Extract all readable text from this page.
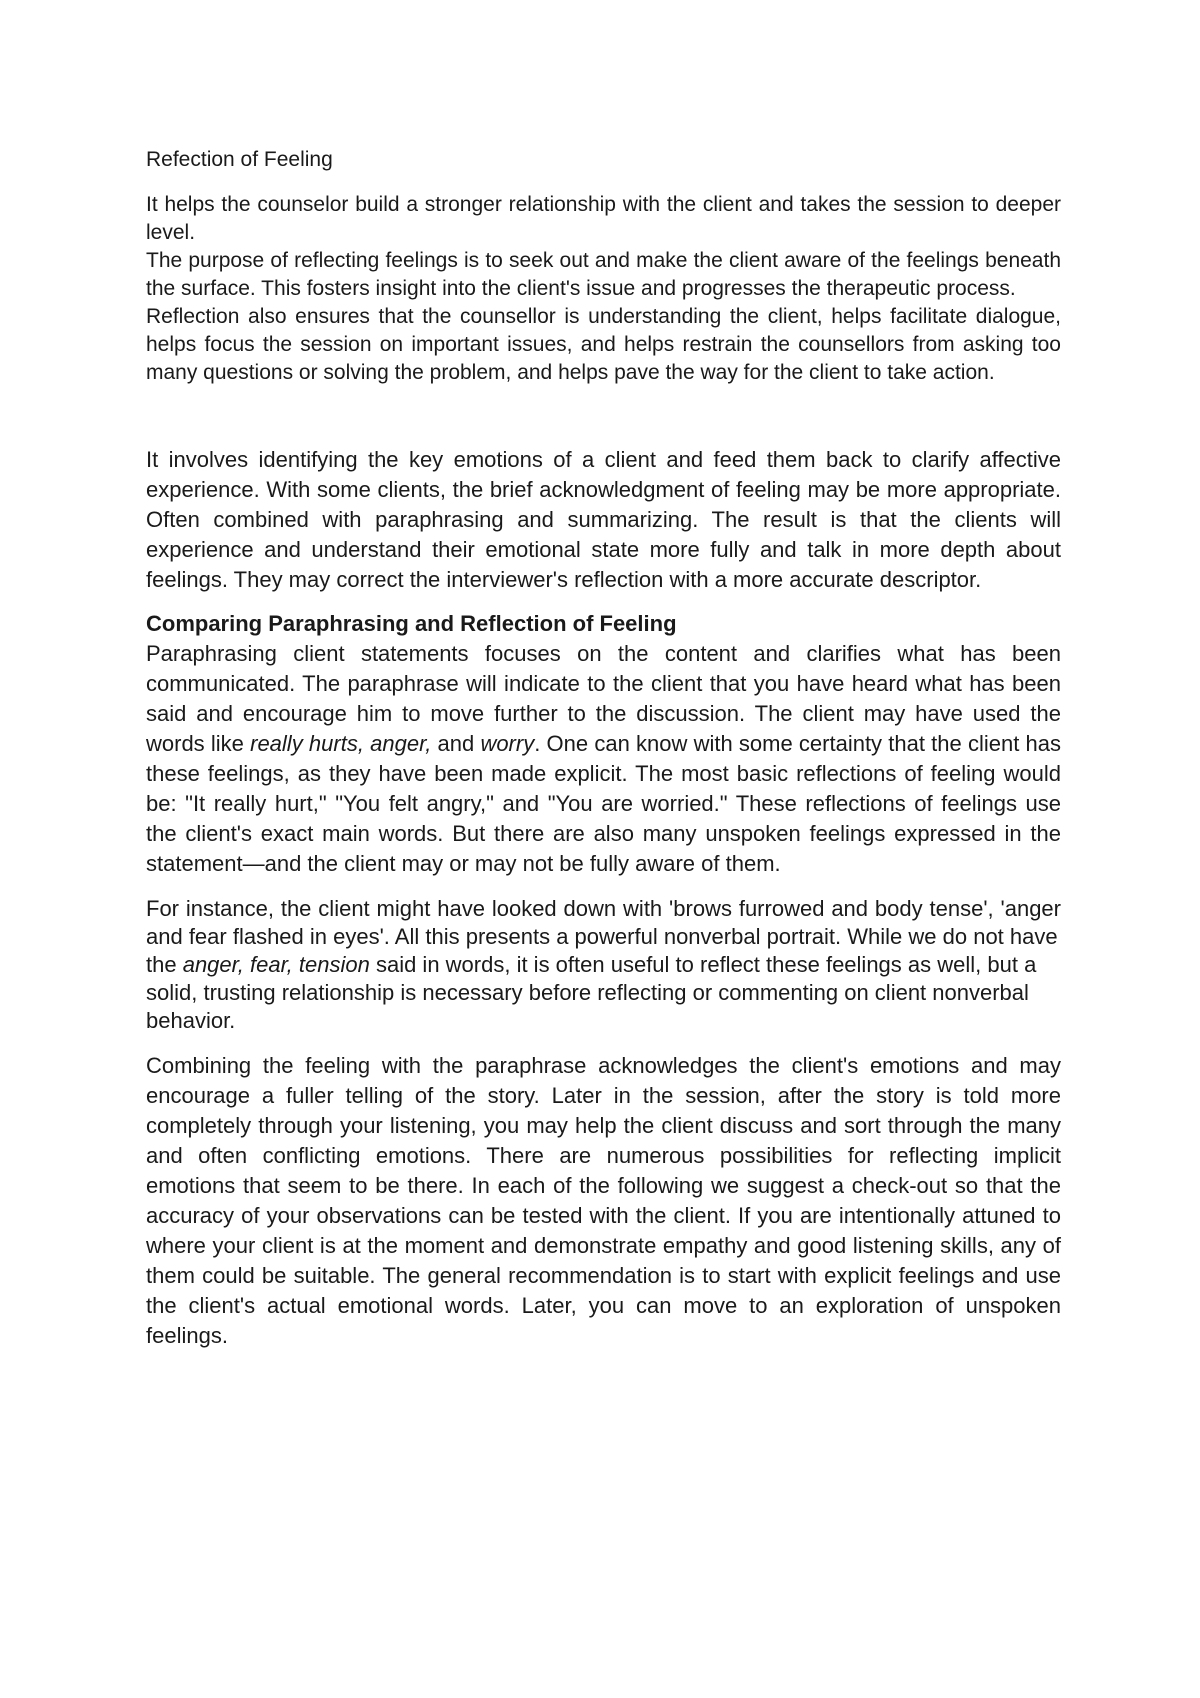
Refection of Feeling

It helps the counselor build a stronger relationship with the client and takes the session to deeper level.

The purpose of reflecting feelings is to seek out and make the client aware of the feelings beneath the surface. This fosters insight into the client's issue and progresses the therapeutic process.

Reflection also ensures that the counsellor is understanding the client, helps facilitate dialogue, helps focus the session on important issues, and helps restrain the counsellors from asking too many questions or solving the problem, and helps pave the way for the client to take action.

It involves identifying the key emotions of a client and feed them back to clarify affective experience. With some clients, the brief acknowledgment of feeling may be more appropriate. Often combined with paraphrasing and summarizing. The result is that the clients will experience and understand their emotional state more fully and talk in more depth about feelings. They may correct the interviewer's reflection with a more accurate descriptor.

Comparing Paraphrasing and Reflection of Feeling

Paraphrasing client statements focuses on the content and clarifies what has been communicated. The paraphrase will indicate to the client that you have heard what has been said and encourage him to move further to the discussion. The client may have used the words like really hurts, anger, and worry. One can know with some certainty that the client has these feelings, as they have been made explicit. The most basic reflections of feeling would be: "It really hurt," "You felt angry," and "You are worried." These reflections of feelings use the client's exact main words. But there are also many unspoken feelings expressed in the statement—and the client may or may not be fully aware of them.

For instance, the client might have looked down with 'brows furrowed and body tense', 'anger and fear flashed in eyes'. All this presents a powerful nonverbal portrait. While we do not have

the anger, fear, tension said in words, it is often useful to reflect these feelings as well, but a

solid, trusting relationship is necessary before reflecting or commenting on client nonverbal

behavior.

Combining the feeling with the paraphrase acknowledges the client's emotions and may encourage a fuller telling of the story. Later in the session, after the story is told more completely through your listening, you may help the client discuss and sort through the many and often conflicting emotions. There are numerous possibilities for reflecting implicit emotions that seem to be there. In each of the following we suggest a check-out so that the accuracy of your observations can be tested with the client. If you are intentionally attuned to where your client is at the moment and demonstrate empathy and good listening skills, any of them could be suitable. The general recommendation is to start with explicit feelings and use the client's actual emotional words. Later, you can move to an exploration of unspoken feelings.
